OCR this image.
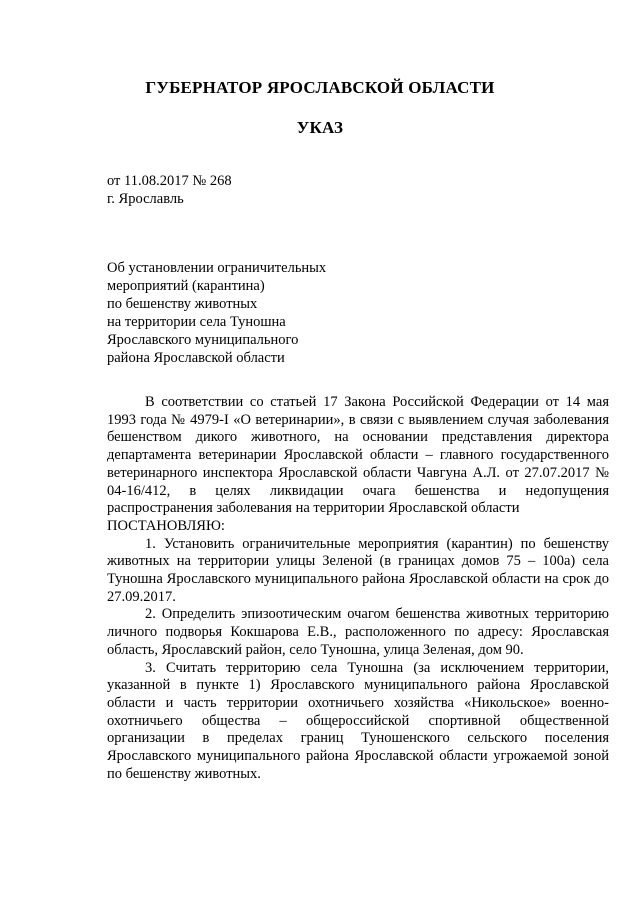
ГУБЕРНАТОР ЯРОСЛАВСКОЙ ОБЛАСТИ
УКАЗ
от 11.08.2017 № 268
г. Ярославль
Об установлении ограничительных
мероприятий (карантина)
по бешенству животных
на территории села Туношна
Ярославского муниципального
района Ярославской области

В соответствии со статьей 17 Закона Российской Федерации от 14 мая 1993 года № 4979-I «О ветеринарии», в связи с выявлением случая заболевания бешенством дикого животного, на основании представления директора департамента ветеринарии Ярославской области – главного государственного ветеринарного инспектора Ярославской области Чавгуна А.Л. от 27.07.2017 № 04-16/412, в целях ликвидации очага бешенства и недопущения распространения заболевания на территории Ярославской области

ПОСТАНОВЛЯЮ:

1. Установить ограничительные мероприятия (карантин) по бешенству животных на территории улицы Зеленой (в границах домов 75 – 100а) села Туношна Ярославского муниципального района Ярославской области на срок до 27.09.2017.

2. Определить эпизоотическим очагом бешенства животных территорию личного подворья Кокшарова Е.В., расположенного по адресу: Ярославская область, Ярославский район, село Туношна, улица Зеленая, дом 90.

3. Считать территорию села Туношна (за исключением территории, указанной в пункте 1) Ярославского муниципального района Ярославской области и часть территории охотничьего хозяйства «Никольское» военно-охотничьего общества – общероссийской спортивной общественной организации в пределах границ Туношенского сельского поселения Ярославского муниципального района Ярославской области угрожаемой зоной по бешенству животных.
